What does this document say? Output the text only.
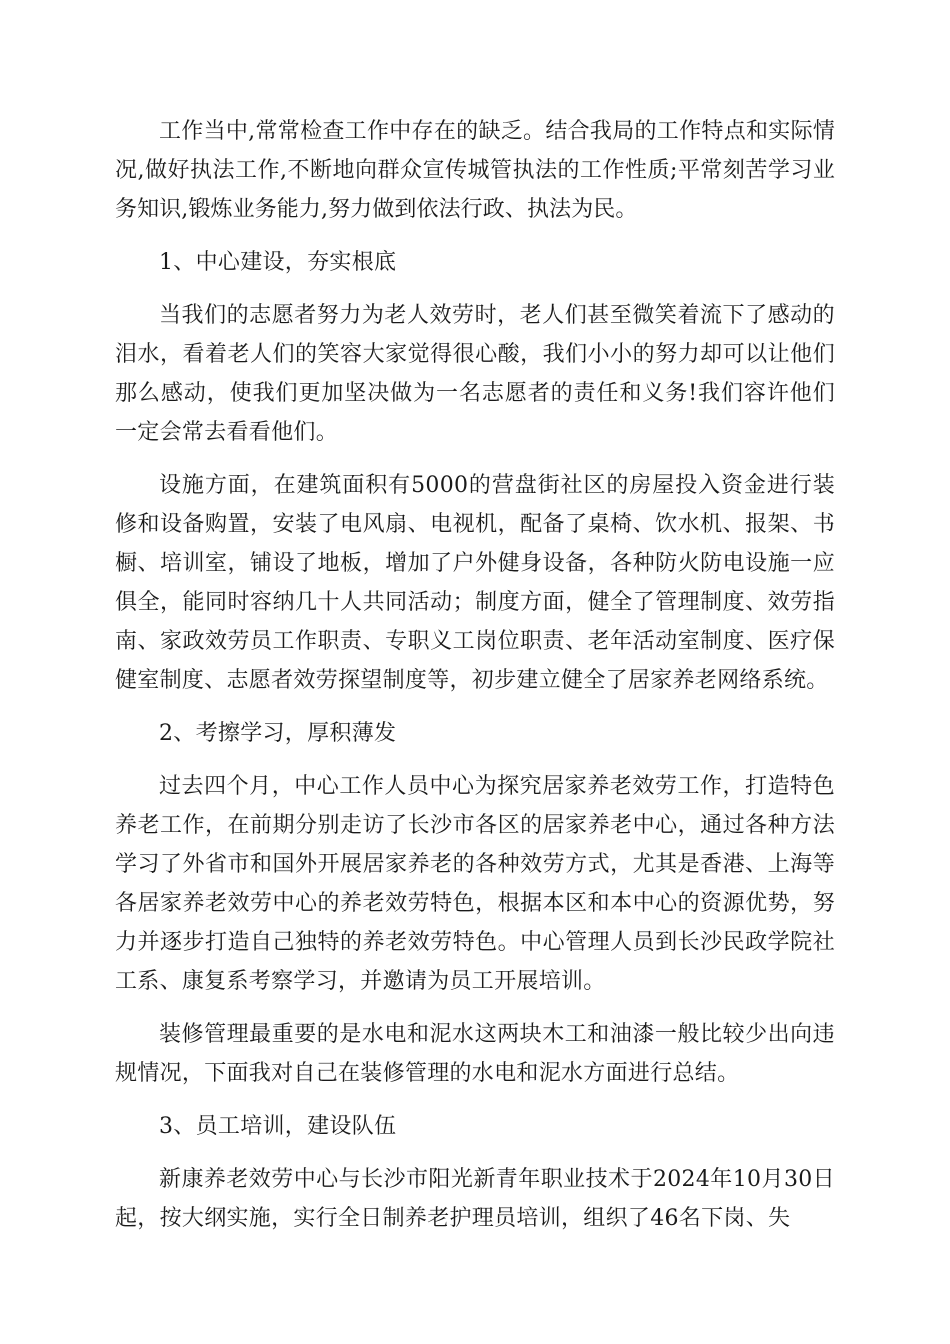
工作当中,常常检查工作中存在的缺乏。结合我局的工作特点和实际情况,做好执法工作,不断地向群众宣传城管执法的工作性质;平常刻苦学习业务知识,锻炼业务能力,努力做到依法行政、执法为民。

1、中心建设，夯实根底

当我们的志愿者努力为老人效劳时，老人们甚至微笑着流下了感动的泪水，看着老人们的笑容大家觉得很心酸，我们小小的努力却可以让他们那么感动，使我们更加坚决做为一名志愿者的责任和义务!我们容许他们一定会常去看看他们。

设施方面，在建筑面积有5000的营盘街社区的房屋投入资金进行装修和设备购置，安装了电风扇、电视机，配备了桌椅、饮水机、报架、书橱、培训室，铺设了地板，增加了户外健身设备，各种防火防电设施一应俱全，能同时容纳几十人共同活动；制度方面，健全了管理制度、效劳指南、家政效劳员工作职责、专职义工岗位职责、老年活动室制度、医疗保健室制度、志愿者效劳探望制度等，初步建立健全了居家养老网络系统。

2、考擦学习，厚积薄发

过去四个月，中心工作人员中心为探究居家养老效劳工作，打造特色养老工作，在前期分别走访了长沙市各区的居家养老中心，通过各种方法学习了外省市和国外开展居家养老的各种效劳方式，尤其是香港、上海等各居家养老效劳中心的养老效劳特色，根据本区和本中心的资源优势，努力并逐步打造自己独特的养老效劳特色。中心管理人员到长沙民政学院社工系、康复系考察学习，并邀请为员工开展培训。

装修管理最重要的是水电和泥水这两块木工和油漆一般比较少出向违规情况，下面我对自己在装修管理的水电和泥水方面进行总结。

3、员工培训，建设队伍

新康养老效劳中心与长沙市阳光新青年职业技术于2024年10月30日起，按大纲实施，实行全日制养老护理员培训，组织了46名下岗、失
